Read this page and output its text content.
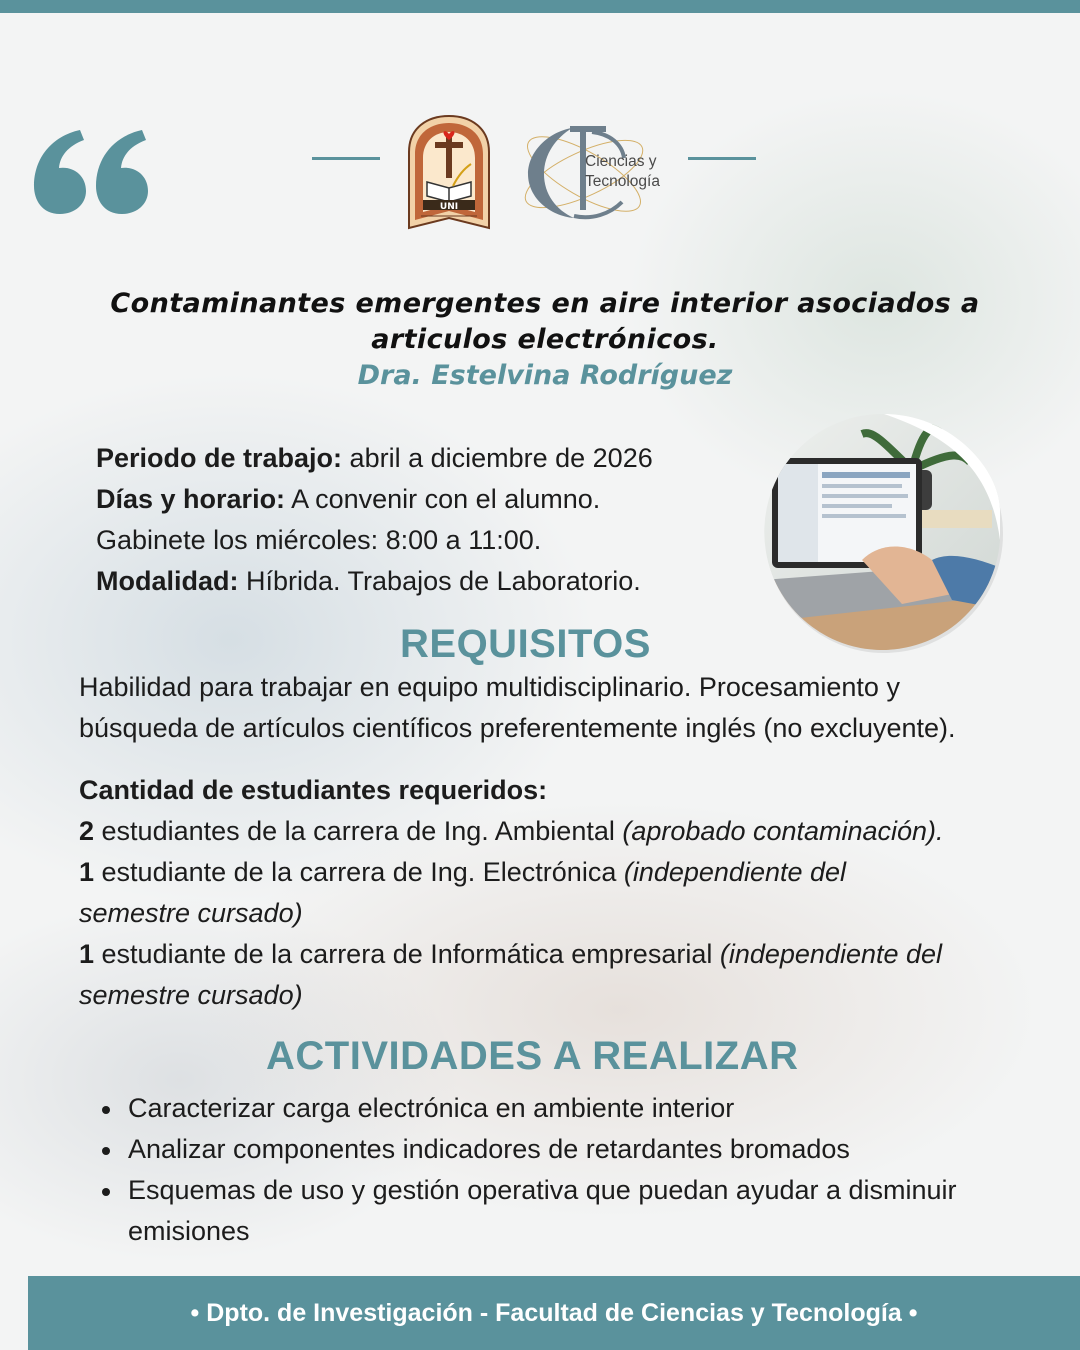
UNI
Ciencias y
Tecnología

Contaminantes emergentes en aire interior asociados a

articulos electrónicos.

Dra. Estelvina Rodríguez

Periodo de trabajo: abril a diciembre de 2026
Días y horario: A convenir con el alumno.
Gabinete los miércoles: 8:00 a 11:00.
Modalidad: Híbrida. Trabajos de Laboratorio.
REQUISITOS
Habilidad para trabajar en equipo multidisciplinario. Procesamiento y
búsqueda de artículos científicos preferentemente inglés (no excluyente).
Cantidad de estudiantes requeridos:
2 estudiantes de la carrera de Ing. Ambiental (aprobado contaminación).
1 estudiante de la carrera de Ing. Electrónica (independiente del
semestre cursado)
1 estudiante de la carrera de Informática empresarial (independiente del
semestre cursado)
ACTIVIDADES A REALIZAR
Caracterizar carga electrónica en ambiente interior
Analizar componentes indicadores de retardantes bromados
Esquemas de uso y gestión operativa que puedan ayudar a disminuir
emisiones
• Dpto. de Investigación - Facultad de Ciencias y Tecnología •
